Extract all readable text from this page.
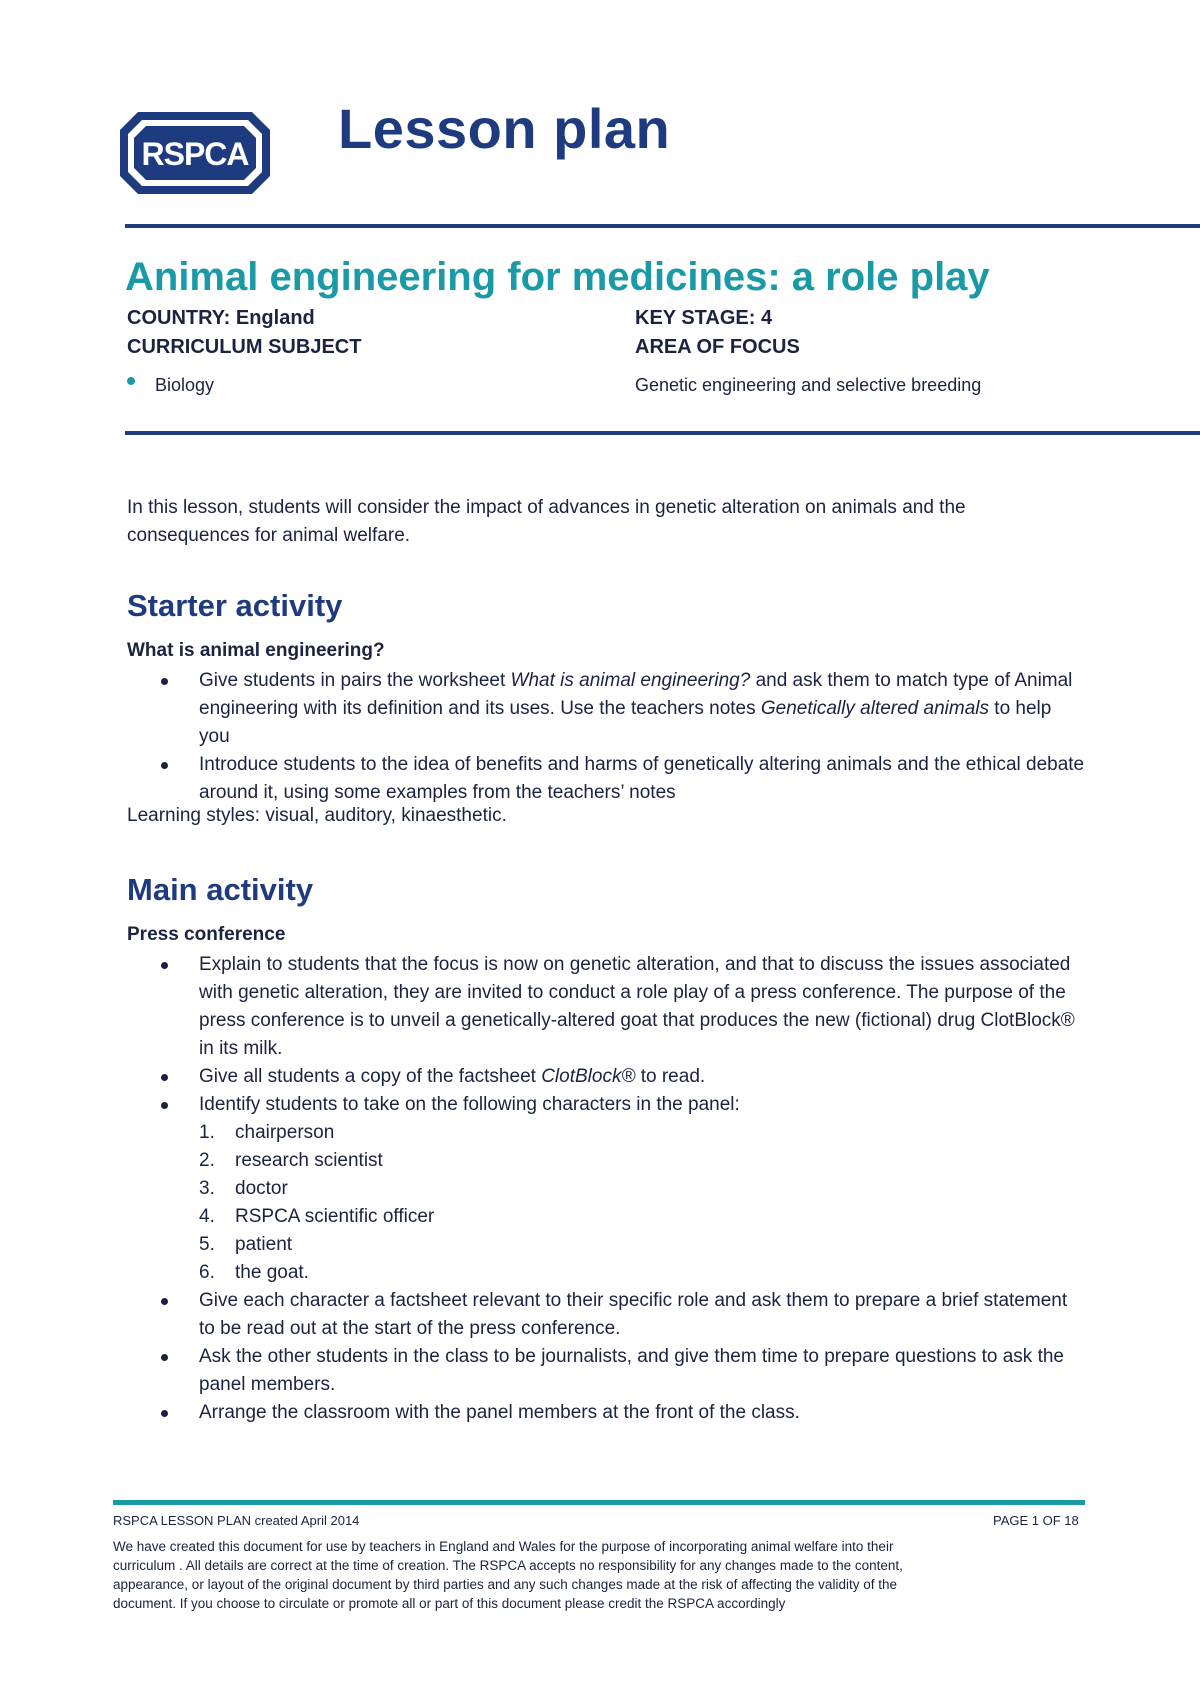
RSPCA Lesson plan
Animal engineering for medicines: a role play
COUNTRY: England
CURRICULUM SUBJECT
KEY STAGE: 4
AREA OF FOCUS
Biology	Genetic engineering and selective breeding
In this lesson, students will consider the impact of advances in genetic alteration on animals and the consequences for animal welfare.
Starter activity
What is animal engineering?
Give students in pairs the worksheet What is animal engineering? and ask them to match type of Animal engineering with its definition and its uses. Use the teachers notes Genetically altered animals to help you
Introduce students to the idea of benefits and harms of genetically altering animals and the ethical debate around it, using some examples from the teachers’ notes
Learning styles: visual, auditory, kinaesthetic.
Main activity
Press conference
Explain to students that the focus is now on genetic alteration, and that to discuss the issues associated with genetic alteration, they are invited to conduct a role play of a press conference. The purpose of the press conference is to unveil a genetically-altered goat that produces the new (fictional) drug ClotBlock® in its milk.
Give all students a copy of the factsheet ClotBlock® to read.
Identify students to take on the following characters in the panel:
1. chairperson
2. research scientist
3. doctor
4. RSPCA scientific officer
5. patient
6. the goat.
Give each character a factsheet relevant to their specific role and ask them to prepare a brief statement to be read out at the start of the press conference.
Ask the other students in the class to be journalists, and give them time to prepare questions to ask the panel members.
Arrange the classroom with the panel members at the front of the class.
RSPCA LESSON PLAN created April 2014	PAGE 1 OF 18
We have created this document for use by teachers in England and Wales for the purpose of incorporating animal welfare into their curriculum . All details are correct at the time of creation. The RSPCA accepts no responsibility for any changes made to the content, appearance, or layout of the original document by third parties and any such changes made at the risk of affecting the validity of the document. If you choose to circulate or promote all or part of this document please credit the RSPCA accordingly
